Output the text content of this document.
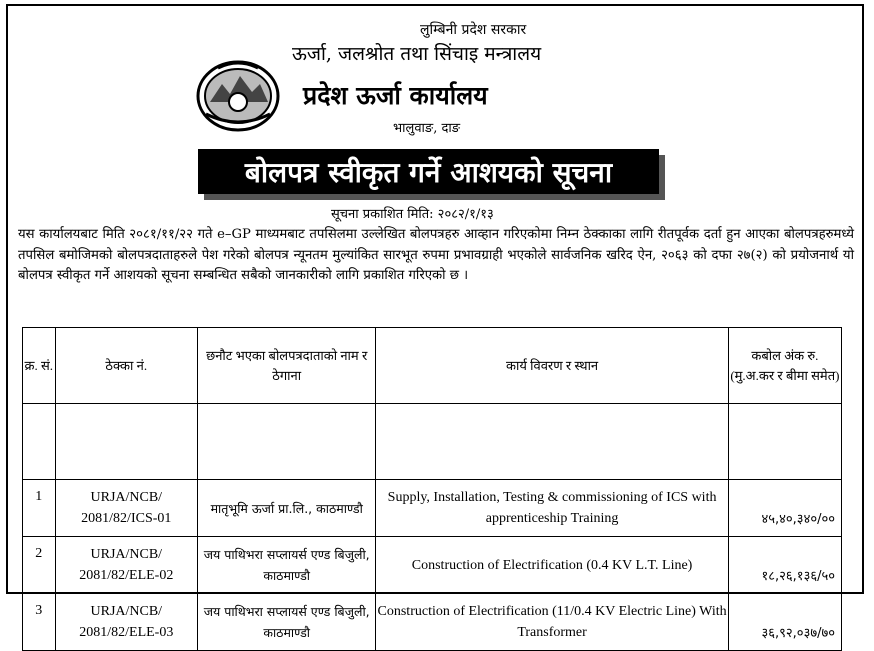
लुम्बिनी प्रदेश सरकार
ऊर्जा, जलश्रोत तथा सिंचाइ मन्त्रालय
प्रदेश ऊर्जा कार्यालय
भालुवाङ, दाङ
बोलपत्र स्वीकृत गर्ने आशयको सूचना
सूचना प्रकाशित मिति: २०८२/१/१३
यस कार्यालयबाट मिति २०८१/११/२२ गते e–GP माध्यमबाट तपसिलमा उल्लेखित बोलपत्रहरु आव्हान गरिएकोमा निम्न ठेक्काका लागि रीतपूर्वक दर्ता हुन आएका बोलपत्रहरुमध्ये तपसिल बमोजिमको बोलपत्रदाताहरुले पेश गरेको बोलपत्र न्यूनतम मुल्यांकित सारभूत रुपमा प्रभावग्राही भएकोले सार्वजनिक खरिद ऐन, २०६३ को दफा २७(२) को प्रयोजनार्थ यो बोलपत्र स्वीकृत गर्ने आशयको सूचना सम्बन्धित सबैको जानकारीको लागि प्रकाशित गरिएको छ ।
क्र. सं.	ठेक्का नं.	छनौट भएका बोलपत्रदाताको नाम र ठेगाना	कार्य विवरण र स्थान	कबोल अंक रु. (मु.अ.कर र बीमा समेत)

1	URJA/NCB/ 2081/82/ICS-01	मातृभूमि ऊर्जा प्रा.लि., काठमाण्डौ	Supply, Installation, Testing & commissioning of ICS with apprenticeship Training	४५,४०,३४०/००
2	URJA/NCB/ 2081/82/ELE-02	जय पाथिभरा सप्लायर्स एण्ड बिजुली, काठमाण्डौ	Construction of Electrification (0.4 KV L.T. Line)	१८,२६,१३६/५०
3	URJA/NCB/ 2081/82/ELE-03	जय पाथिभरा सप्लायर्स एण्ड बिजुली, काठमाण्डौ	Construction of Electrification (11/0.4 KV Electric Line) With Transformer	३६,९२,०३७/७०
